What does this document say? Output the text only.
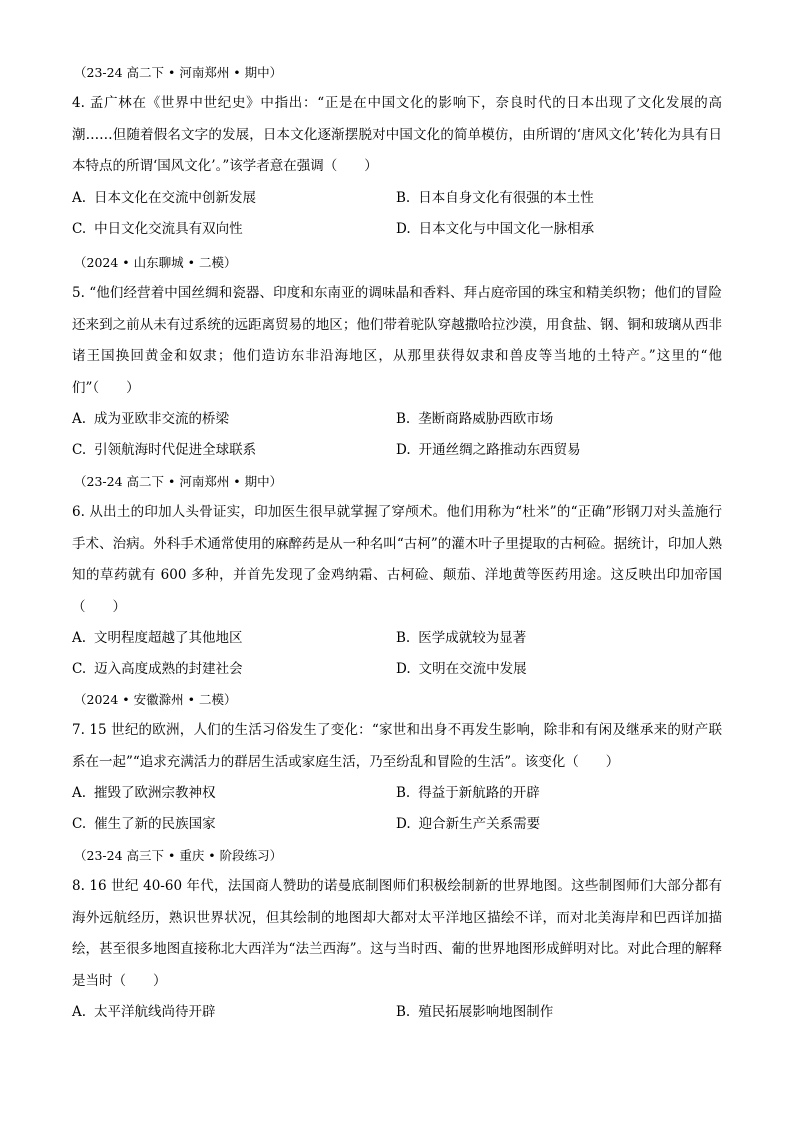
（23-24 高二下 • 河南郑州 • 期中）
4. 孟广林在《世界中世纪史》中指出：“正是在中国文化的影响下，奈良时代的日本出现了文化发展的高潮……但随着假名文字的发展，日本文化逐渐摆脱对中国文化的简单模仿，由所谓的‘唐风文化’转化为具有日本特点的所谓‘国风文化’。”该学者意在强调（　　）
A. 日本文化在交流中创新发展	B. 日本自身文化有很强的本土性
C. 中日文化交流具有双向性	D. 日本文化与中国文化一脉相承
（2024 • 山东聊城 • 二模）
5. “他们经营着中国丝绸和瓷器、印度和东南亚的调味晶和香料、拜占庭帝国的珠宝和精美织物；他们的冒险还来到之前从未有过系统的远距离贸易的地区；他们带着驼队穿越撒哈拉沙漠，用食盐、钢、铜和玻璃从西非诸王国换回黄金和奴隶；他们造访东非沿海地区，从那里获得奴隶和兽皮等当地的土特产。”这里的“他们”（　　）
A. 成为亚欧非交流的桥梁	B. 垄断商路威胁西欧市场
C. 引领航海时代促进全球联系	D. 开通丝绸之路推动东西贸易
（23-24 高二下 • 河南郑州 • 期中）
6. 从出土的印加人头骨证实，印加医生很早就掌握了穿颅术。他们用称为“杜米”的“正确”形钢刀对头盖施行手术、治病。外科手术通常使用的麻醉药是从一种名叫“古柯”的灌木叶子里提取的古柯硷。据统计，印加人熟知的草药就有 600 多种，并首先发现了金鸡纳霜、古柯硷、颠茄、洋地黄等医药用途。这反映出印加帝国（　　）
A. 文明程度超越了其他地区	B. 医学成就较为显著
C. 迈入高度成熟的封建社会	D. 文明在交流中发展
（2024 • 安徽滁州 • 二模）
7. 15 世纪的欧洲，人们的生活习俗发生了变化：“家世和出身不再发生影响，除非和有闲及继承来的财产联系在一起”“追求充满活力的群居生活或家庭生活，乃至纷乱和冒险的生活”。该变化（　　）
A. 摧毁了欧洲宗教神权	B. 得益于新航路的开辟
C. 催生了新的民族国家	D. 迎合新生产关系需要
（23-24 高三下 • 重庆 • 阶段练习）
8. 16 世纪 40-60 年代，法国商人赞助的诺曼底制图师们积极绘制新的世界地图。这些制图师们大部分都有海外远航经历，熟识世界状况，但其绘制的地图却大都对太平洋地区描绘不详，而对北美海岸和巴西详加描绘，甚至很多地图直接称北大西洋为“法兰西海”。这与当时西、葡的世界地图形成鲜明对比。对此合理的解释是当时（　　）
A. 太平洋航线尚待开辟	B. 殖民拓展影响地图制作
